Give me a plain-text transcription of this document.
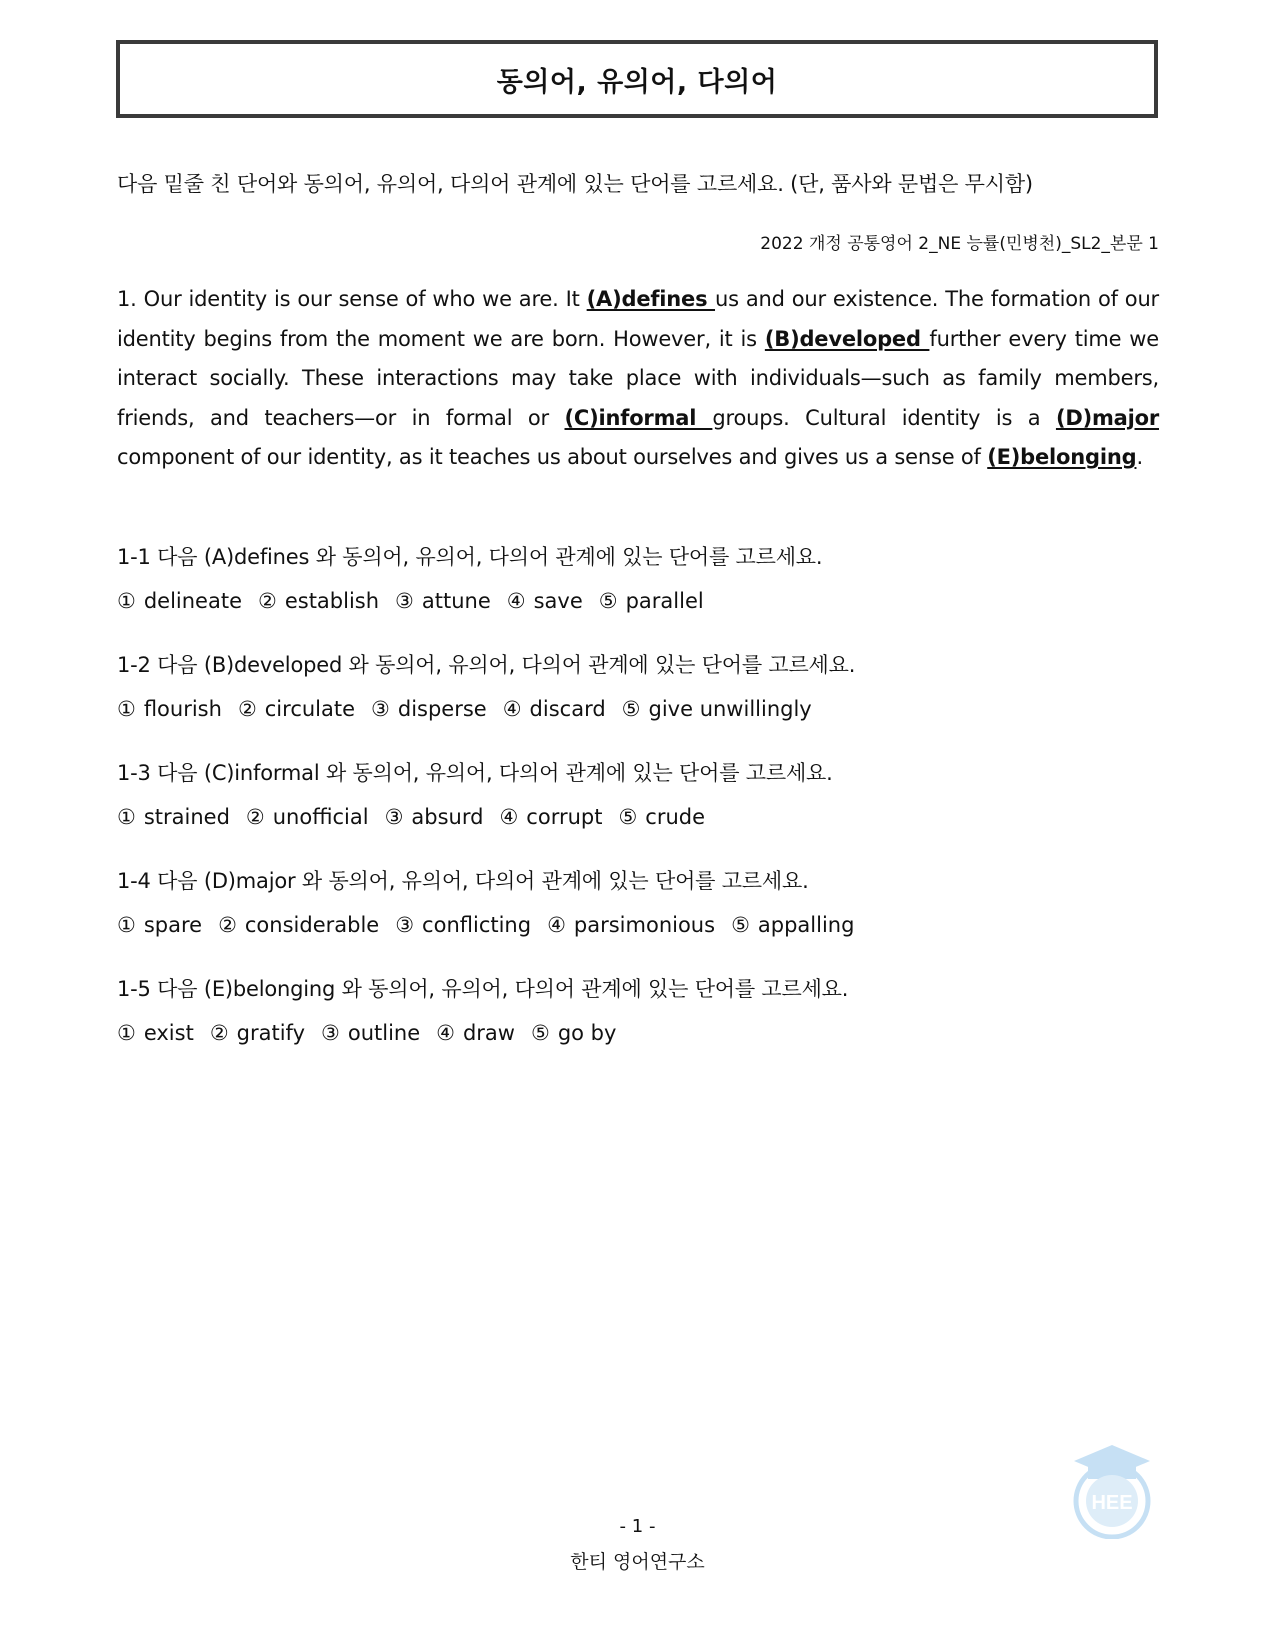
동의어, 유의어, 다의어
다음 밑줄 친 단어와 동의어, 유의어, 다의어 관계에 있는 단어를 고르세요. (단, 품사와 문법은 무시함)
2022 개정 공통영어 2_NE 능률(민병천)_SL2_본문 1
1. Our identity is our sense of who we are. It (A)defines us and our existence. The formation of our identity begins from the moment we are born. However, it is (B)developed further every time we interact socially. These interactions may take place with individuals—such as family members, friends, and teachers—or in formal or (C)informal groups. Cultural identity is a (D)major component of our identity, as it teaches us about ourselves and gives us a sense of (E)belonging.
1-1 다음 (A)defines 와 동의어, 유의어, 다의어 관계에 있는 단어를 고르세요.
① delineate ② establish ③ attune ④ save ⑤ parallel
1-2 다음 (B)developed 와 동의어, 유의어, 다의어 관계에 있는 단어를 고르세요.
① flourish ② circulate ③ disperse ④ discard ⑤ give unwillingly
1-3 다음 (C)informal 와 동의어, 유의어, 다의어 관계에 있는 단어를 고르세요.
① strained ② unofficial ③ absurd ④ corrupt ⑤ crude
1-4 다음 (D)major 와 동의어, 유의어, 다의어 관계에 있는 단어를 고르세요.
① spare ② considerable ③ conflicting ④ parsimonious ⑤ appalling
1-5 다음 (E)belonging 와 동의어, 유의어, 다의어 관계에 있는 단어를 고르세요.
① exist ② gratify ③ outline ④ draw ⑤ go by
HEE
- 1 -
한티 영어연구소
